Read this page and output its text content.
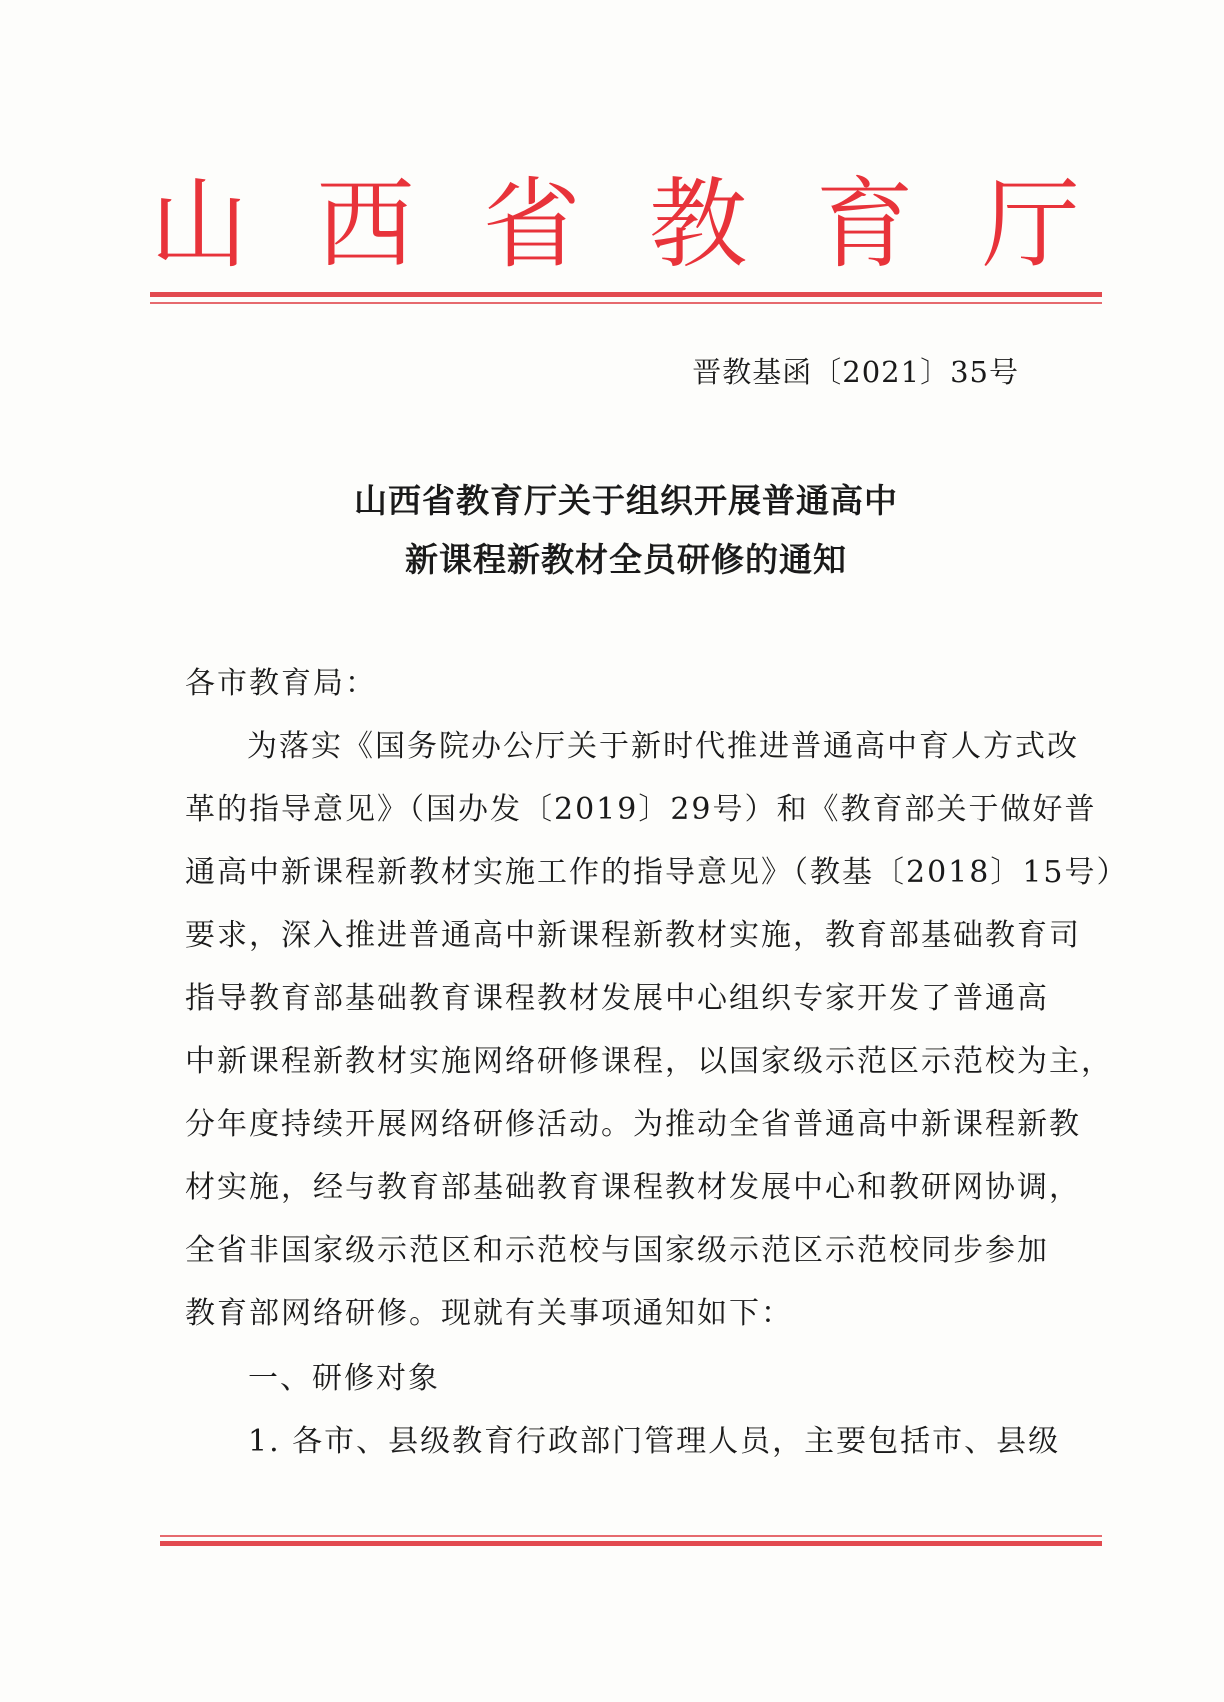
山 西 省 教 育 厅
晋教基函〔2021〕35号
山西省教育厅关于组织开展普通高中
新课程新教材全员研修的通知
各市教育局：
为落实《国务院办公厅关于新时代推进普通高中育人方式改
革的指导意见》（国办发〔2019〕29号）和《教育部关于做好普
通高中新课程新教材实施工作的指导意见》（教基〔2018〕15号）
要求，深入推进普通高中新课程新教材实施，教育部基础教育司
指导教育部基础教育课程教材发展中心组织专家开发了普通高
中新课程新教材实施网络研修课程，以国家级示范区示范校为主，
分年度持续开展网络研修活动。为推动全省普通高中新课程新教
材实施，经与教育部基础教育课程教材发展中心和教研网协调，
全省非国家级示范区和示范校与国家级示范区示范校同步参加
教育部网络研修。现就有关事项通知如下：
一、研修对象
1. 各市、县级教育行政部门管理人员，主要包括市、县级
